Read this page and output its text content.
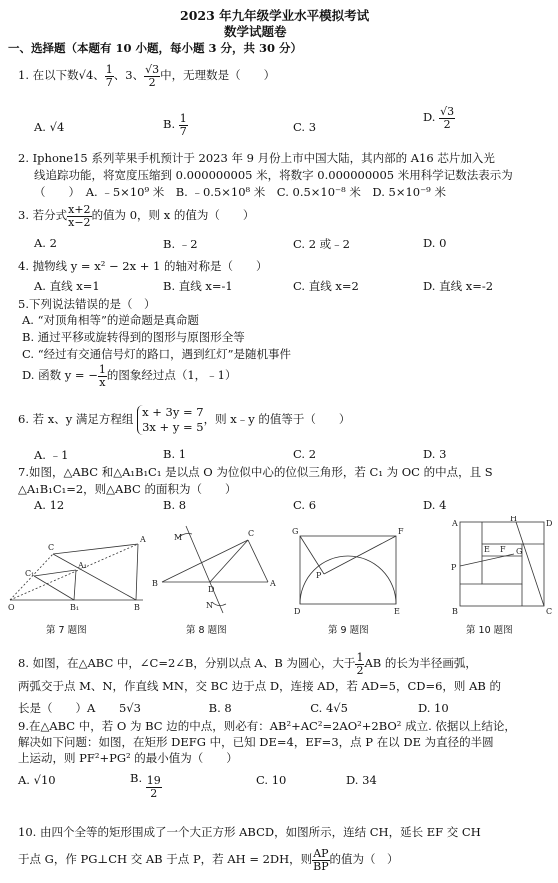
2023 年九年级学业水平模拟考试
数学试题卷
一、选择题（本题有 10 小题，每小题 3 分，共 30 分）
1. 在以下数√4、 $\frac{1}{7}$ 、3、 $\frac{√3}{2}$ 中，无理数是（　　）
A. √4	B. $\frac{1}{7}$	C. 3
D. $\frac{√3}{2}$
2. Iphone15 系列苹果手机预计于 2023 年 9 月份上市中国大陆，其内部的 A16 芯片加入光
线追踪功能，将宽度压缩到 0.000000005 米，将数字 0.000000005 米用科学记数法表示为
（　　）　A. ﹣5×10⁹ 米　B. ﹣0.5×10⁸ 米　C. 0.5×10⁻⁸ 米　D. 5×10⁻⁹ 米
3. 若分式 $\frac{x+2}{x-2}$ 的值为 0，则 x 的值为（　　）
A. 2	B. ﹣2	C. 2 或﹣2	D. 0
4. 抛物线 y = x² − 2x + 1 的轴对称是（　　）
A. 直线 x=1	B. 直线 x=-1	C. 直线 x=2	D. 直线 x=-2
5.下列说法错误的是（　）
A. “对顶角相等”的逆命题是真命题
B. 通过平移或旋转得到的图形与原图形全等
C. “经过有交通信号灯的路口，遇到红灯”是随机事件
D. 函数 y = − $\frac{1}{x}$ 的图象经过点（1，﹣1）
6. 若 x、y 满足方程组 x + 3y = 7
3x + y = 5
，则 x﹣y 的值等于（　　）
A. ﹣1	B. 1	C. 2	D. 3
7.如图，△ABC 和△A₁B₁C₁ 是以点 O 为位似中心的位似三角形，若 C₁ 为 OC 的中点，且 S
△A₁B₁C₁=2，则△ABC 的面积为（　　）
A. 12	B. 8	C. 6	D. 4
C
C₁
A
A₁
O	B₁	B
M	C
B
D
A
N
G	F
P
D	E
A
H
D
E F G
P
B	C
第 7 题图	第 8 题图	第 9 题图	第 10 题图
8. 如图，在△ABC 中，∠C=2∠B，分别以点 A、B 为圆心，大于 $\frac{1}{2}$ AB 的长为半径画弧，
两弧交于点 M、N，作直线 MN，交 BC 边于点 D，连接 AD，若 AD=5，CD=6，则 AB 的
长是（　　）A 5√3	B. 8	C. 4√5	D. 10
9.在△ABC 中，若 O 为 BC 边的中点，则必有：AB²+AC²=2AO²+2BO² 成立. 依据以上结论，
解决如下问题：如图，在矩形 DEFG 中，已知 DE=4，EF=3，点 P 在以 DE 为直径的半圆
上运动，则 PF²+PG² 的最小值为（　　）
A. √10	B. $\frac{19}{2}$	C. 10	D. 34
10. 由四个全等的矩形围成了一个大正方形 ABCD，如图所示，连结 CH，延长 EF 交 CH
于点 G，作 PG⊥CH 交 AB 于点 P，若 AH = 2DH，则 $\frac{AP}{BP}$ 的值为（　）
